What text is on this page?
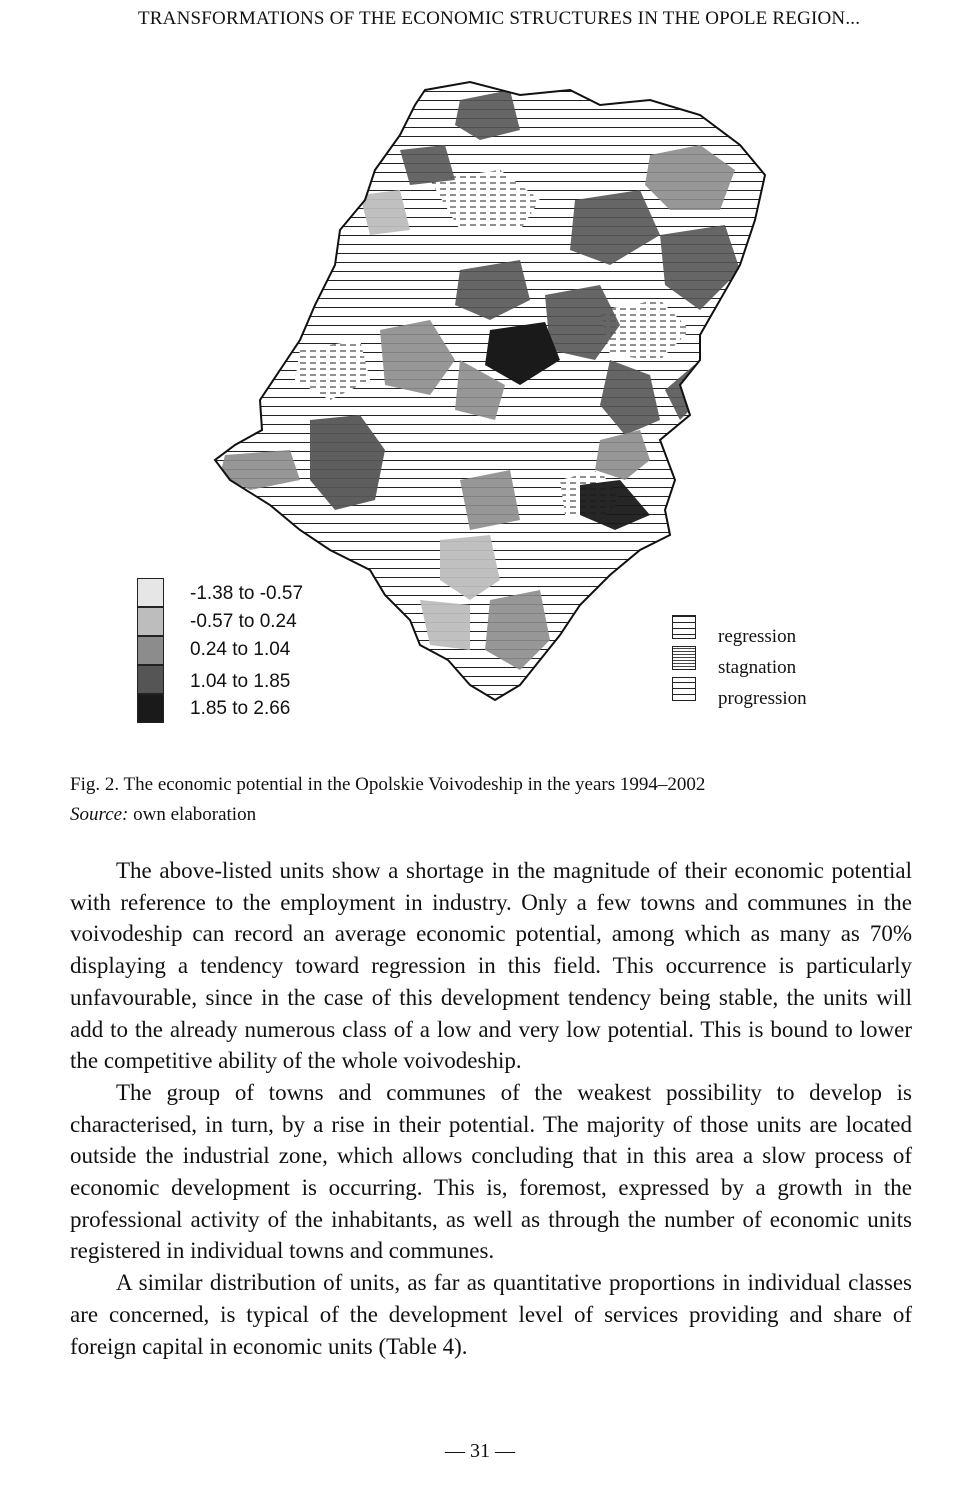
TRANSFORMATIONS OF THE ECONOMIC STRUCTURES IN THE OPOLE REGION...
-1.38 to -0.57
-0.57 to 0.24
0.24 to 1.04
1.04 to 1.85
1.85 to 2.66
regression
stagnation
progression
Fig. 2. The economic potential in the Opolskie Voivodeship in the years 1994–2002
Source: own elaboration

The above-listed units show a shortage in the magnitude of their economic potential with reference to the employment in industry. Only a few towns and communes in the voivodeship can record an average economic potential, among which as many as 70% displaying a tendency toward regression in this field. This occurrence is particularly unfavourable, since in the case of this development tendency being stable, the units will add to the already numerous class of a low and very low potential. This is bound to lower the competitive ability of the whole voivodeship.

The group of towns and communes of the weakest possibility to develop is characterised, in turn, by a rise in their potential. The majority of those units are located outside the industrial zone, which allows concluding that in this area a slow process of economic development is occurring. This is, foremost, expressed by a growth in the professional activity of the inhabitants, as well as through the number of economic units registered in individual towns and communes.

A similar distribution of units, as far as quantitative proportions in individual classes are concerned, is typical of the development level of services providing and share of foreign capital in economic units (Table 4).

— 31 —
